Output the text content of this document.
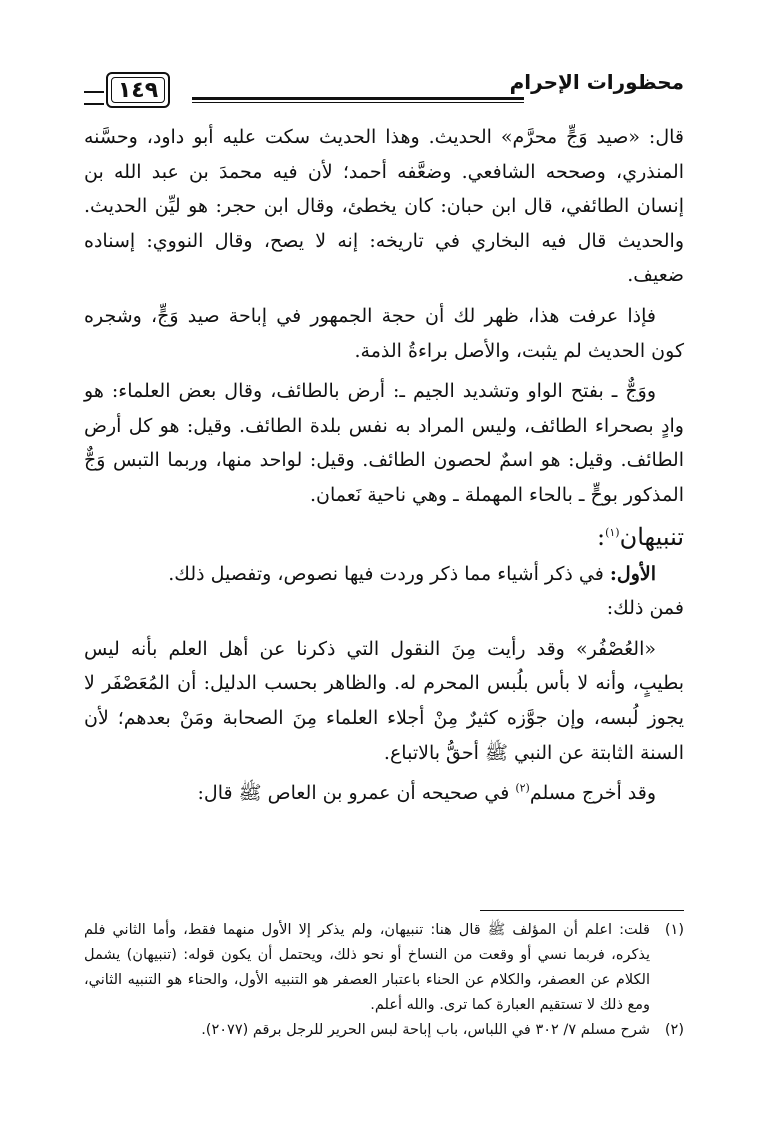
محظورات الإحرام
١٤٩

قال: «صيد وَجٍّ محرَّم» الحديث. وهذا الحديث سكت عليه أبو داود، وحسَّنه المنذري، وصححه الشافعي. وضعَّفه أحمد؛ لأن فيه محمدَ بن عبد الله بن إنسان الطائفي، قال ابن حبان: كان يخطئ، وقال ابن حجر: هو ليِّن الحديث. والحديث قال فيه البخاري في تاريخه: إنه لا يصح، وقال النووي: إسناده ضعيف.

فإذا عرفت هذا، ظهر لك أن حجة الجمهور في إباحة صيد وَجٍّ، وشجره كون الحديث لم يثبت، والأصل براءةُ الذمة.

ووَجٌّ ـ بفتح الواو وتشديد الجيم ـ: أرض بالطائف، وقال بعض العلماء: هو وادٍ بصحراء الطائف، وليس المراد به نفس بلدة الطائف. وقيل: هو كل أرض الطائف. وقيل: هو اسمٌ لحصون الطائف. وقيل: لواحد منها، وربما التبس وَجٌّ المذكور بوحٍّ ـ بالحاء المهملة ـ وهي ناحية نَعمان.

تنبيهان$^{(١)}$:

الأول: في ذكر أشياء مما ذكر وردت فيها نصوص، وتفصيل ذلك.

فمن ذلك:

«العُصْفُر» وقد رأيت مِنَ النقول التي ذكرنا عن أهل العلم بأنه ليس بطيبٍ، وأنه لا بأس بلُبس المحرم له. والظاهر بحسب الدليل: أن المُعَصْفَر لا يجوز لُبسه، وإن جوَّزه كثيرٌ مِنْ أجلاء العلماء مِنَ الصحابة ومَنْ بعدهم؛ لأن السنة الثابتة عن النبي ﷺ أحقُّ بالاتباع.

وقد أخرج مسلم$^{(٢)}$ في صحيحه أن عمرو بن العاص ﷺ قال:

(١)
قلت: اعلم أن المؤلف ﷺ قال هنا: تنبيهان، ولم يذكر إلا الأول منهما فقط، وأما الثاني فلم يذكره، فربما نسي أو وقعت من النساخ أو نحو ذلك، ويحتمل أن يكون قوله: (تنبيهان) يشمل الكلام عن العصفر، والكلام عن الحناء باعتبار العصفر هو التنبيه الأول، والحناء هو التنبيه الثاني، ومع ذلك لا تستقيم العبارة كما ترى. والله أعلم.
(٢)
شرح مسلم ٧/ ٣٠٢ في اللباس، باب إباحة لبس الحرير للرجل برقم (٢٠٧٧).
